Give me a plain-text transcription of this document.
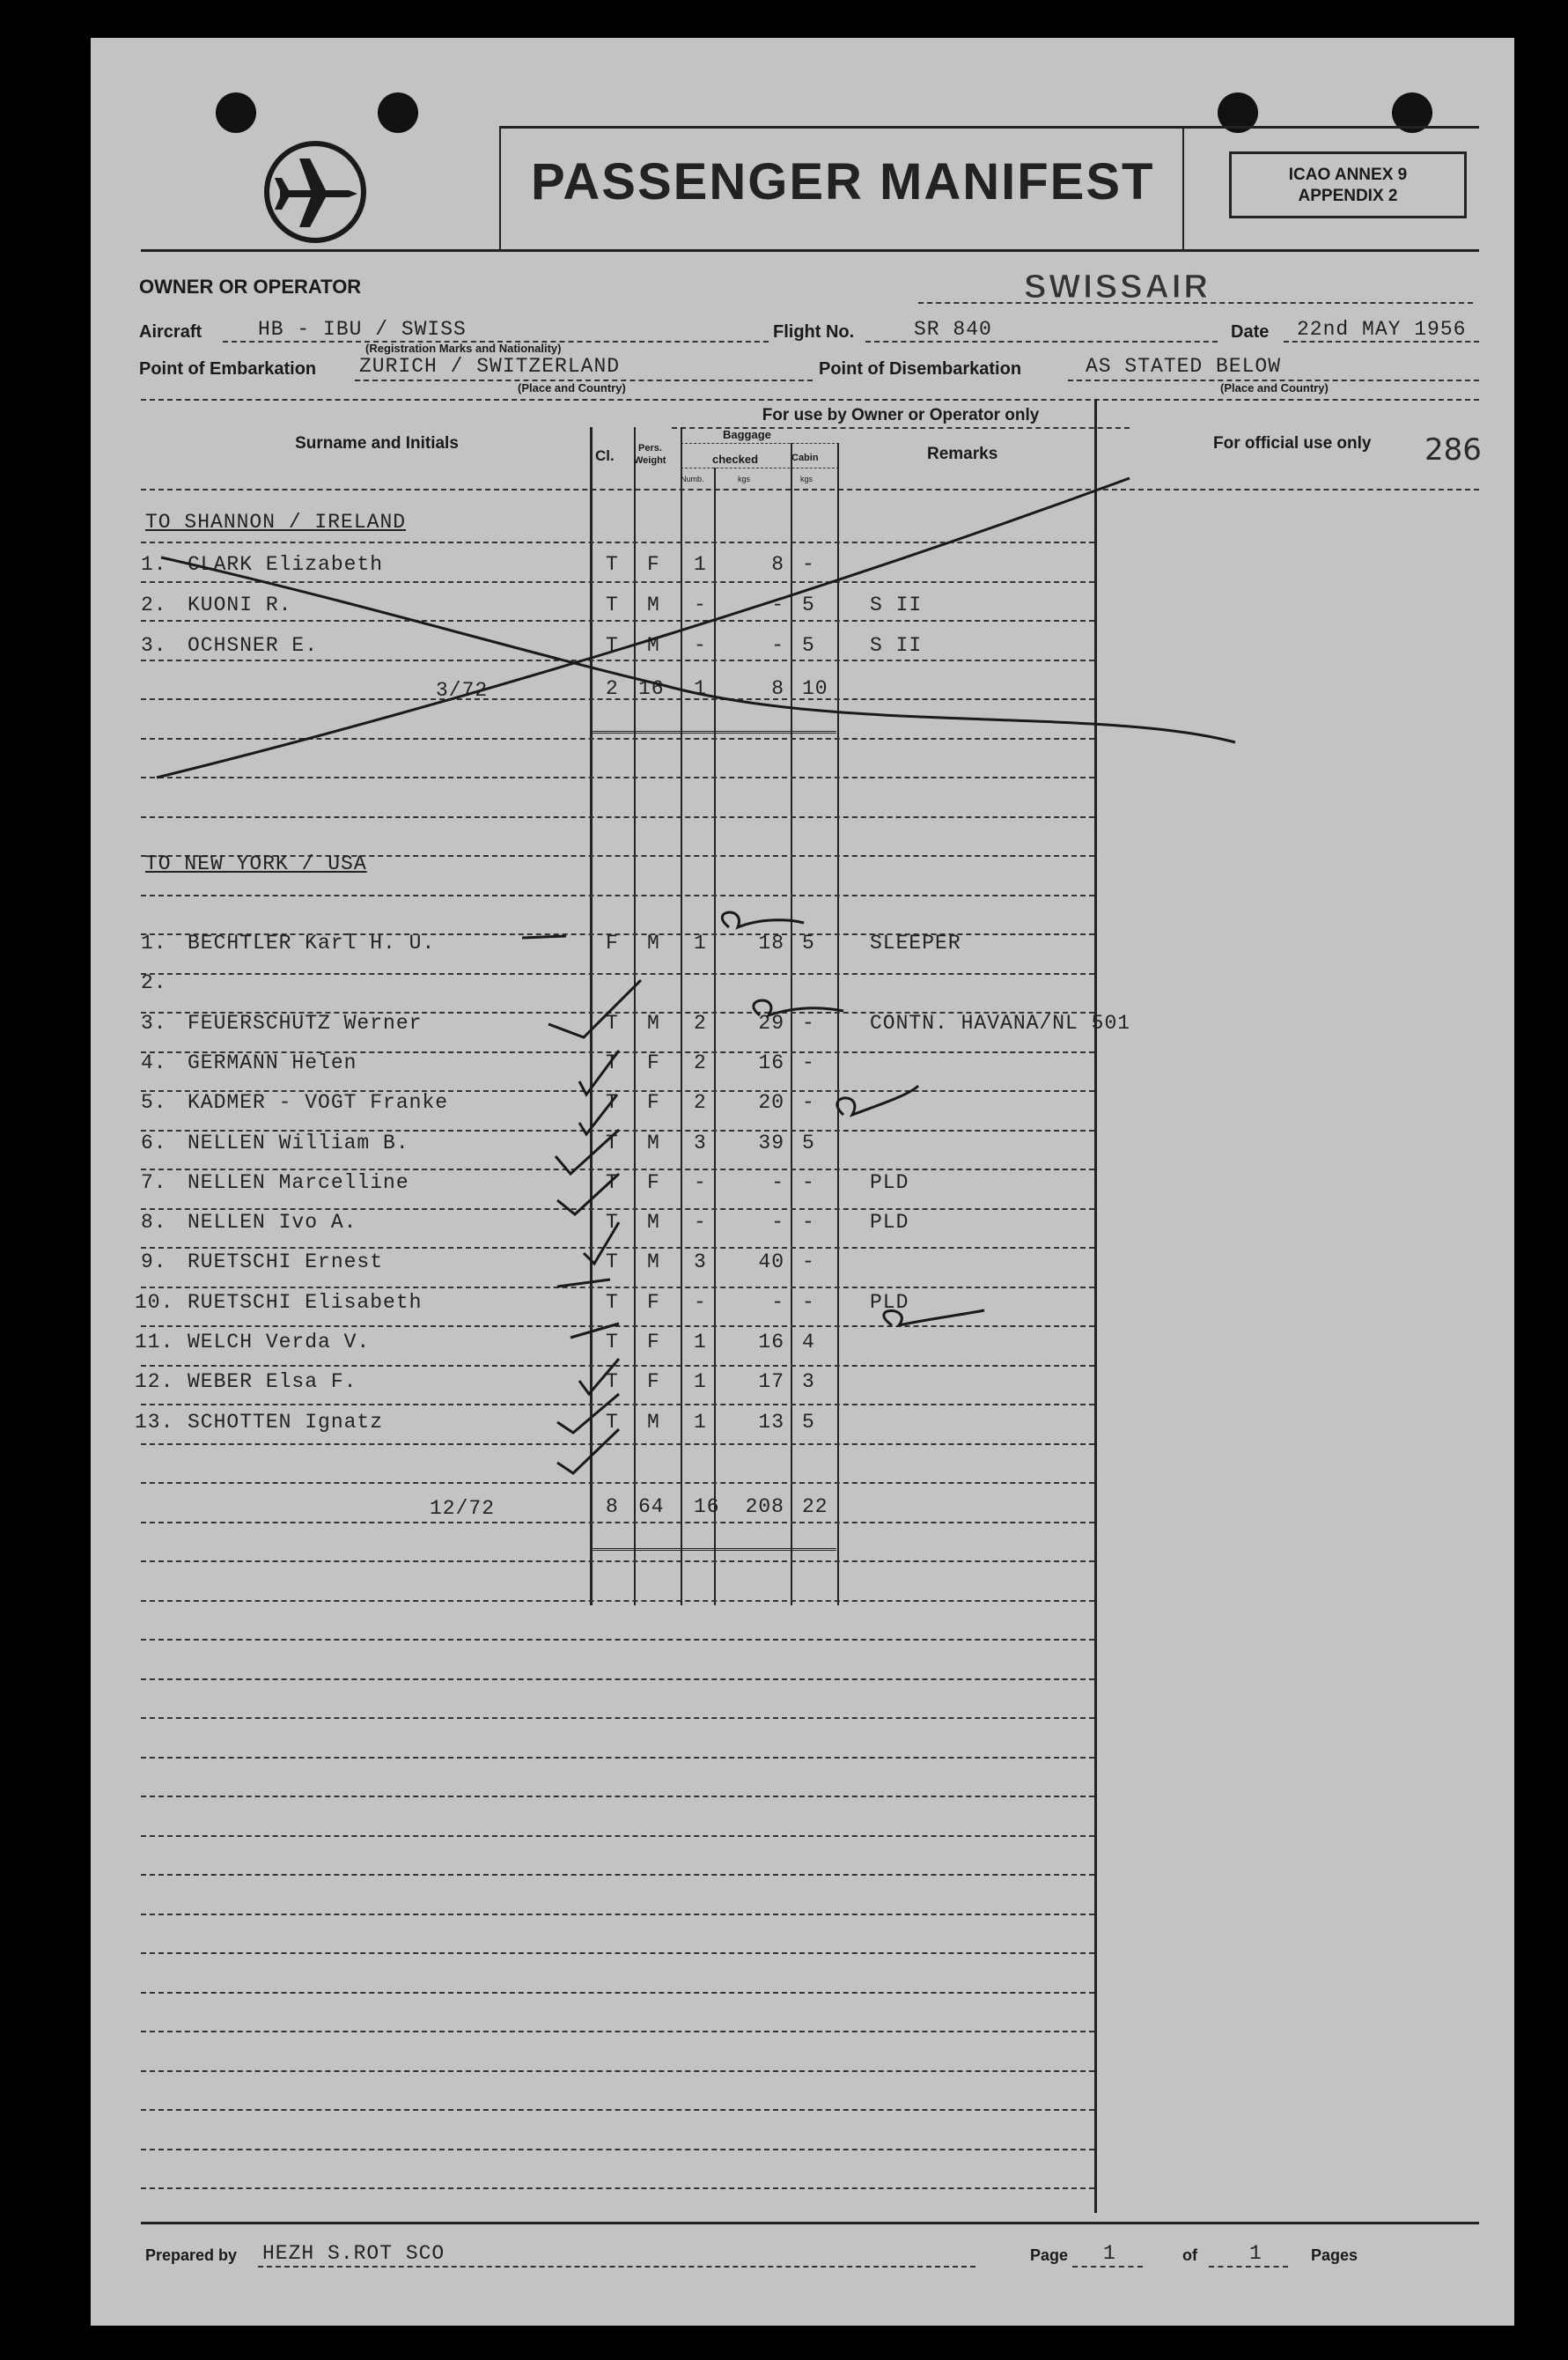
PASSENGER MANIFEST	ICAO ANNEX 9
APPENDIX 2
OWNER OR OPERATOR	SWISSAIR
Aircraft	HB - IBU / SWISS
(Registration Marks and Nationality)
Flight No.	SR 840	Date 22nd MAY 1956
Point of Embarkation ZURICH / SWITZERLAND
(Place and Country)
Point of Disembarkation	AS STATED BELOW
(Place and Country)
For use by Owner or Operator only
Surname and Initials
Cl. Pers.
Weight
Baggage
checked	Cabin
Numb.	kgs	kgs
Remarks
For official use only 286
TO SHANNON / IRELAND
1. CLARK Elizabeth	T F 1	8 -
2. KUONI R.	T M -	- 5	S II
3. OCHSNER E.	T M -	- 5	S II
3/72	2 16 1	8 10
TO NEW YORK / USA
1. BECHTLER Karl H. U.	F M 1	18 5	SLEEPER
2.
3. FEUERSCHUTZ Werner	T M 2	29 -	CONTN. HAVANA/NL 501
4. GERMANN Helen	T F 2	16 -
5. KADMER - VOGT Franke	T F 2	20 -
6. NELLEN William B.	T M 3	39 5
7. NELLEN Marcelline	T F -	- -	PLD
8. NELLEN Ivo A.	T M -	- -	PLD
9. RUETSCHI Ernest	T M 3	40 -
10. RUETSCHI Elisabeth	T F -	- -	PLD
11. WELCH Verda V.	T F 1	16 4
12. WEBER Elsa F.	T F 1	17 3
13. SCHOTTEN Ignatz	T M 1	13 5
12/72	8 64 16	208 22
Prepared by HEZH S.ROT SCO	Page 1	of	1	Pages
